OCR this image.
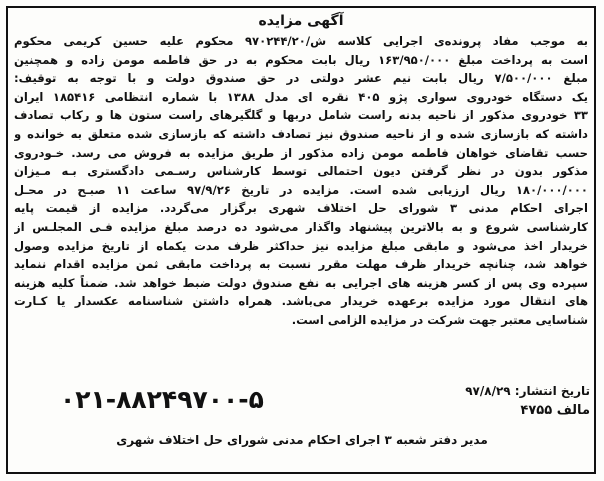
آگهی مزایده
به موجب مفاد پرونده‌ی اجرایی کلاسه ش/۹۷۰۲۴۴/۲۰ محکوم علیه حسین کریمی محکوم
است به پرداخت مبلغ ۱۶۳/۹۵۰/۰۰۰ ریال بابت محکوم به در حق فاطمه مومن زاده و همچنین
مبلغ ۷/۵۰۰/۰۰۰ ریال بابت نیم عشر دولتی در حق صندوق دولت و با توجه به توقیف:
یک دستگاه خودروی سواری پژو ۴۰۵ نقره ای مدل ۱۳۸۸ با شماره انتظامی ۱۸۵۴۱۶ ایران
۳۳ خودروی مذکور از ناحیه بدنه راست شامل دربها و گلگیرهای راست ستون ها و رکاب تصادف
داشته که بازسازی شده و از ناحیه صندوق نیز تصادف داشته که بازسازی شده متعلق به خوانده و
حسب تقاضای خواهان فاطمه مومن زاده مذکور از طریق مزایده به فروش می رسد. خـودروی
مذکور بدون در نظر گرفتن دیون احتمالی توسط کارشناس رسـمی دادگستری بـه مـیزان
۱۸۰/۰۰۰/۰۰۰ ریال ارزیابی شده است. مزایده در تاریخ ۹۷/۹/۲۶ ساعت ۱۱ صبـح در محـل
اجرای احکام مدنی ۳ شورای حل اختلاف شهری برگزار می‌گردد. مزایده از قیمت پایه
کارشناسی شروع و به بالاترین پیشنهاد واگذار می‌شود ده درصد مبلغ مزایده فـی المجلـس از
خریدار اخذ می‌شود و مابقی مبلغ مزایده نیز حداکثر ظرف مدت یکماه از تاریخ مزایده وصول
خواهد شد، چنانچه خریدار ظرف مهلت مقرر نسبت به پرداخت مابقی ثمن مزایده اقدام ننماید
سپرده وی پس از کسر هزینه های اجرایی به نفع صندوق دولت ضبط خواهد شد. ضمناً کلیه هزینه
های انتقال مورد مزایده برعهده خریدار می‌باشد. همراه داشتن شناسنامه عکسدار یا کـارت
شناسایی معتبر جهت شرکت در مزایده الزامی است.
تاریخ انتشار: ۹۷/۸/۲۹
مالف ۴۷۵۵
۰۲۱-۸۸۲۴۹۷۰۰-۵
مدیر دفتر شعبه ۳ اجرای احکام مدنی شورای حل اختلاف شهری
